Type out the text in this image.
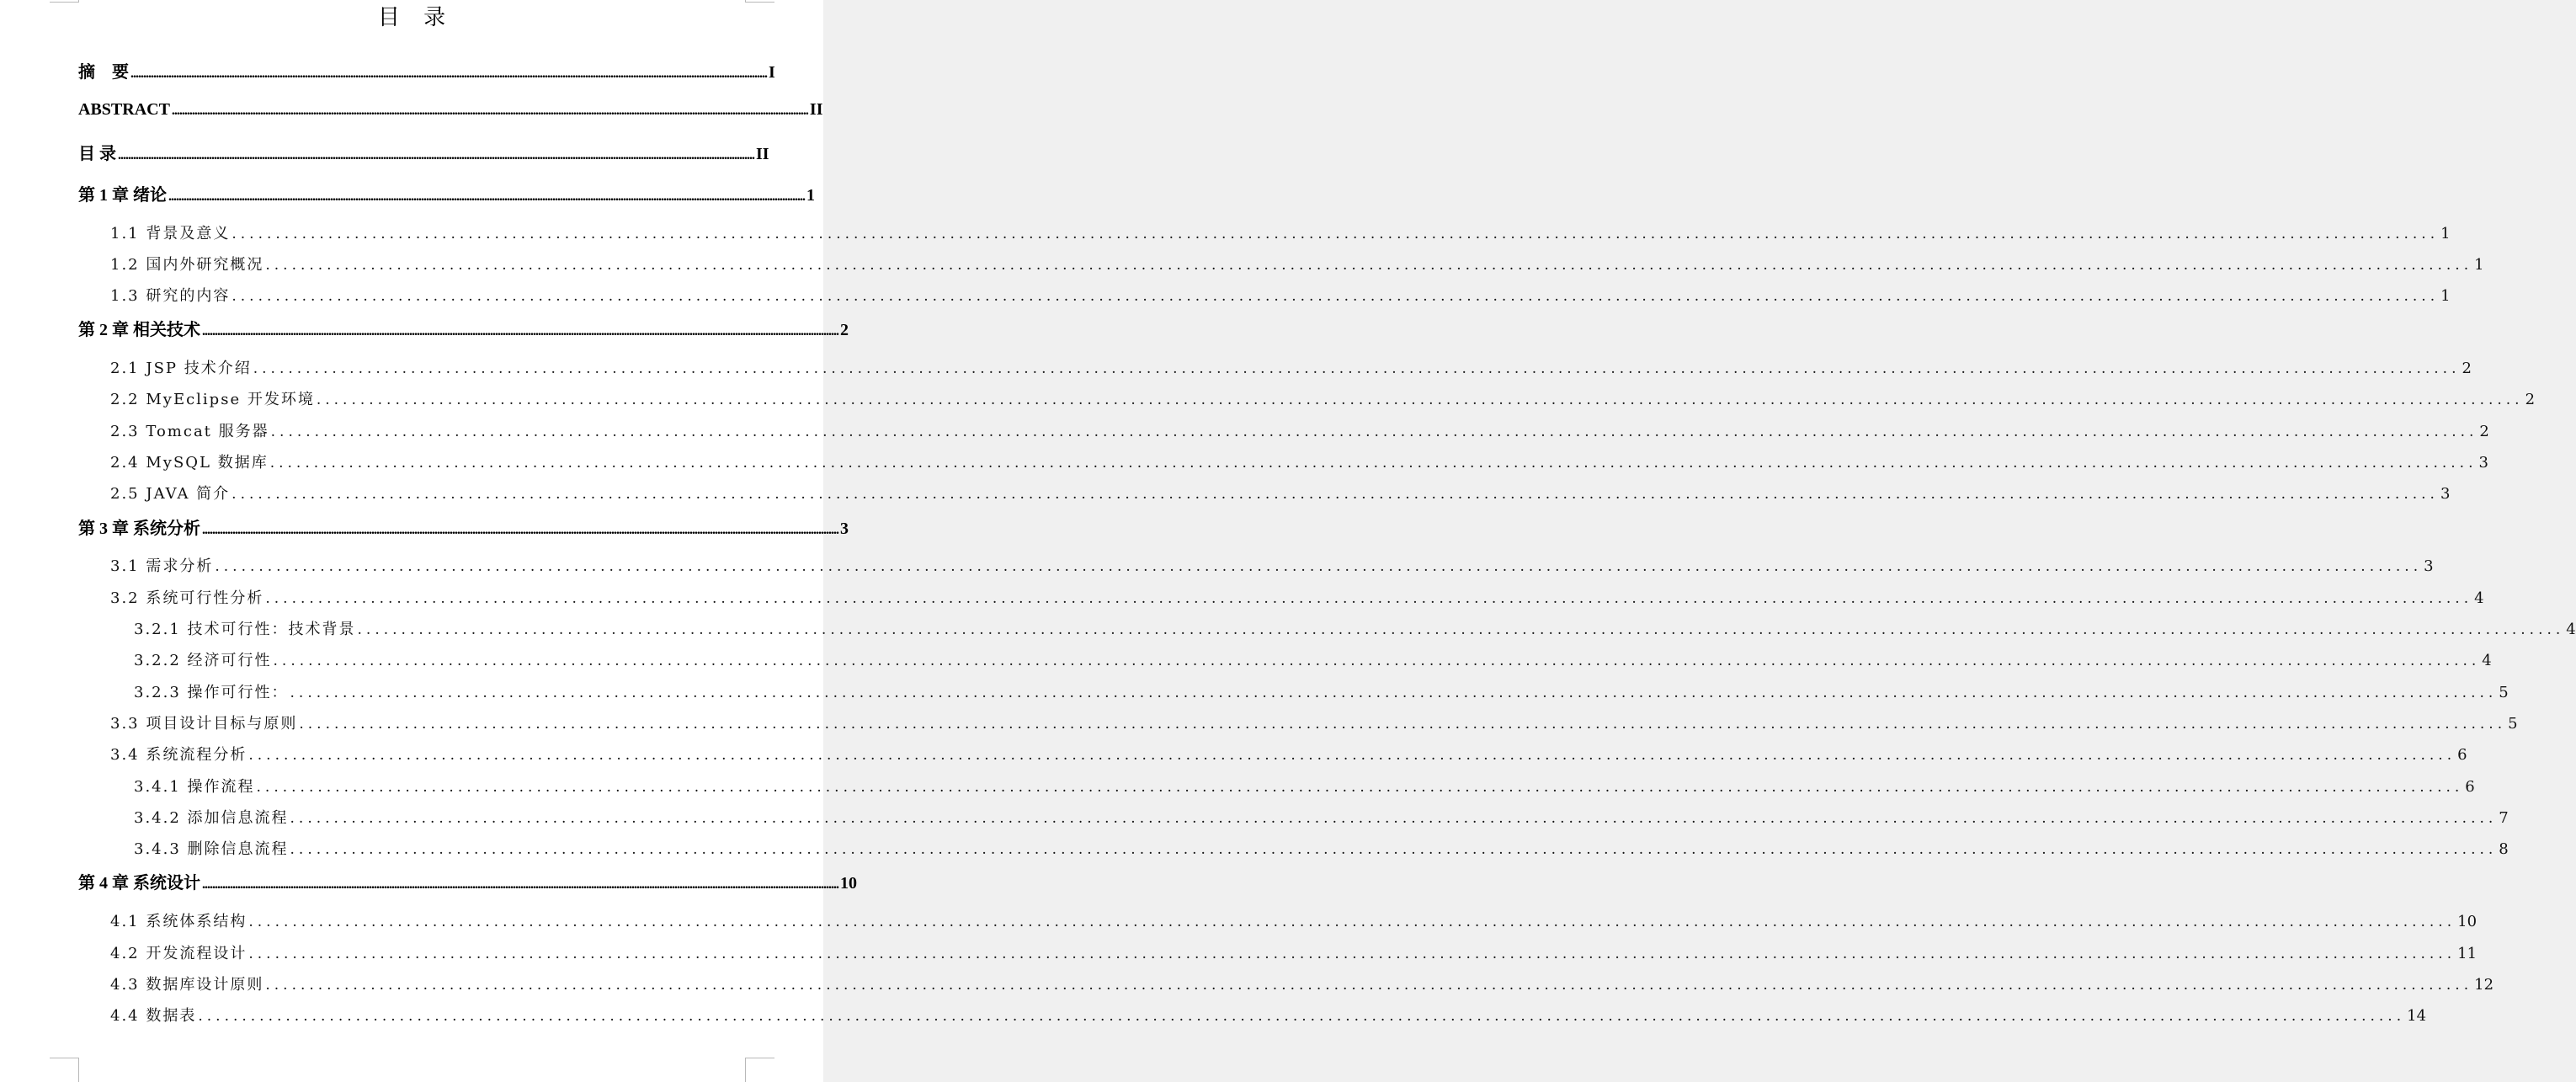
目 录
摘　要 ............................................................................................................................................................................................................................................................ I
ABSTRACT ............................................................................................................................................................................................................................................................ II
目 录 ............................................................................................................................................................................................................................................................ II
第 1 章 绪论 ............................................................................................................................................................................................................................................................ 1
1.1 背景及意义 ............................................................................................................................................................................................................................................................ 1
1.2 国内外研究概况 ............................................................................................................................................................................................................................................................ 1
1.3 研究的内容 ............................................................................................................................................................................................................................................................ 1
第 2 章 相关技术 ............................................................................................................................................................................................................................................................ 2
2.1 JSP 技术介绍 ............................................................................................................................................................................................................................................................ 2
2.2 MyEclipse 开发环境 ............................................................................................................................................................................................................................................................ 2
2.3 Tomcat 服务器 ............................................................................................................................................................................................................................................................ 2
2.4 MySQL 数据库 ............................................................................................................................................................................................................................................................ 3
2.5 JAVA 简介 ............................................................................................................................................................................................................................................................ 3
第 3 章 系统分析 ............................................................................................................................................................................................................................................................ 3
3.1 需求分析 ............................................................................................................................................................................................................................................................ 3
3.2 系统可行性分析 ............................................................................................................................................................................................................................................................ 4
3.2.1 技术可行性：技术背景 ............................................................................................................................................................................................................................................................ 4
3.2.2 经济可行性 ............................................................................................................................................................................................................................................................ 4
3.2.3 操作可行性： ............................................................................................................................................................................................................................................................ 5
3.3 项目设计目标与原则 ............................................................................................................................................................................................................................................................ 5
3.4 系统流程分析 ............................................................................................................................................................................................................................................................ 6
3.4.1 操作流程 ............................................................................................................................................................................................................................................................ 6
3.4.2 添加信息流程 ............................................................................................................................................................................................................................................................ 7
3.4.3 删除信息流程 ............................................................................................................................................................................................................................................................ 8
第 4 章 系统设计 ............................................................................................................................................................................................................................................................ 10
4.1 系统体系结构 ............................................................................................................................................................................................................................................................ 10
4.2 开发流程设计 ............................................................................................................................................................................................................................................................ 11
4.3 数据库设计原则 ............................................................................................................................................................................................................................................................ 12
4.4 数据表 ............................................................................................................................................................................................................................................................ 14
